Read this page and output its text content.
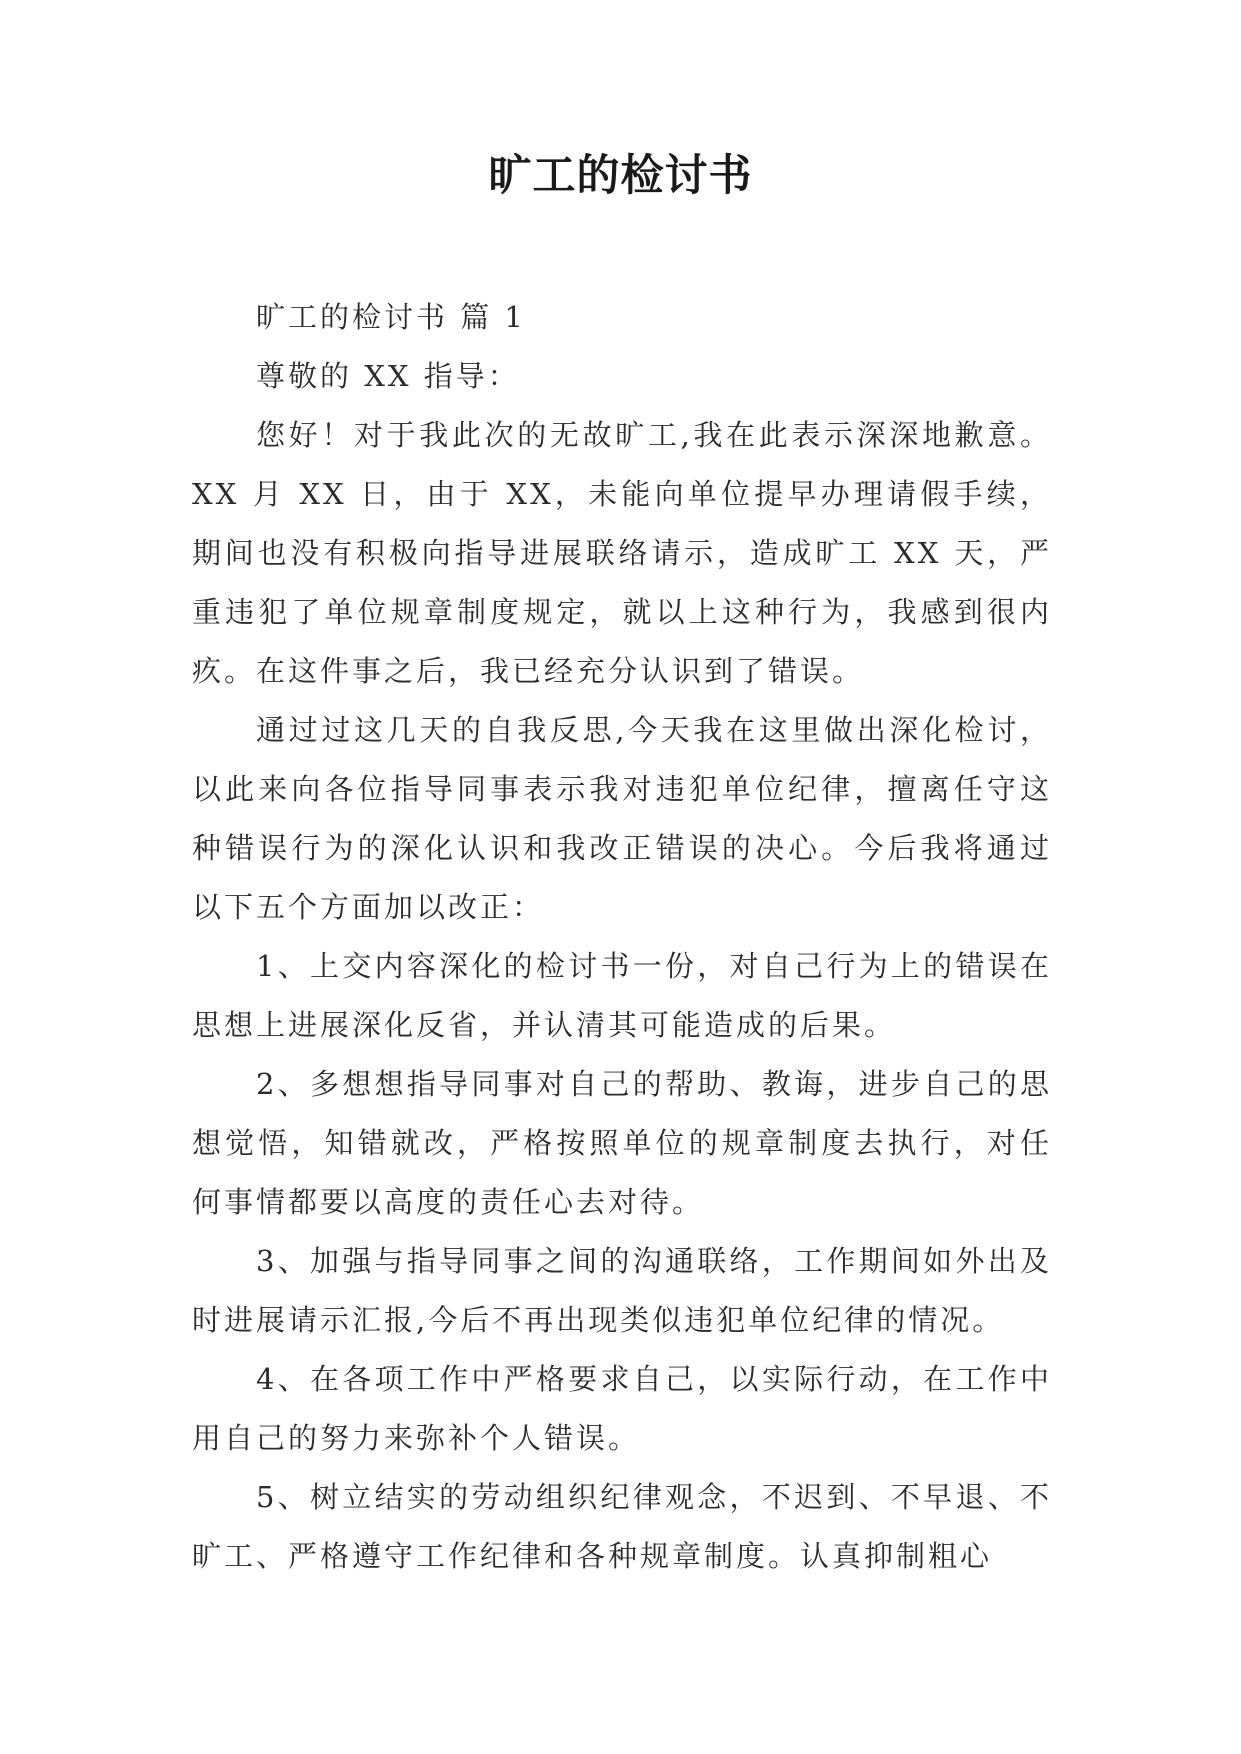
旷工的检讨书

旷工的检讨书 篇 1

尊敬的 XX 指导：

您好！对于我此次的无故旷工,我在此表示深深地歉意。XX 月 XX 日，由于 XX，未能向单位提早办理请假手续，期间也没有积极向指导进展联络请示，造成旷工 XX 天，严重违犯了单位规章制度规定，就以上这种行为，我感到很内疚。在这件事之后，我已经充分认识到了错误。

通过过这几天的自我反思,今天我在这里做出深化检讨，以此来向各位指导同事表示我对违犯单位纪律，擅离任守这种错误行为的深化认识和我改正错误的决心。今后我将通过以下五个方面加以改正：

1、上交内容深化的检讨书一份，对自己行为上的错误在思想上进展深化反省，并认清其可能造成的后果。

2、多想想指导同事对自己的帮助、教诲，进步自己的思想觉悟，知错就改，严格按照单位的规章制度去执行，对任何事情都要以高度的责任心去对待。

3、加强与指导同事之间的沟通联络，工作期间如外出及时进展请示汇报,今后不再出现类似违犯单位纪律的情况。

4、在各项工作中严格要求自己，以实际行动，在工作中用自己的努力来弥补个人错误。

5、树立结实的劳动组织纪律观念，不迟到、不早退、不旷工、严格遵守工作纪律和各种规章制度。认真抑制粗心
